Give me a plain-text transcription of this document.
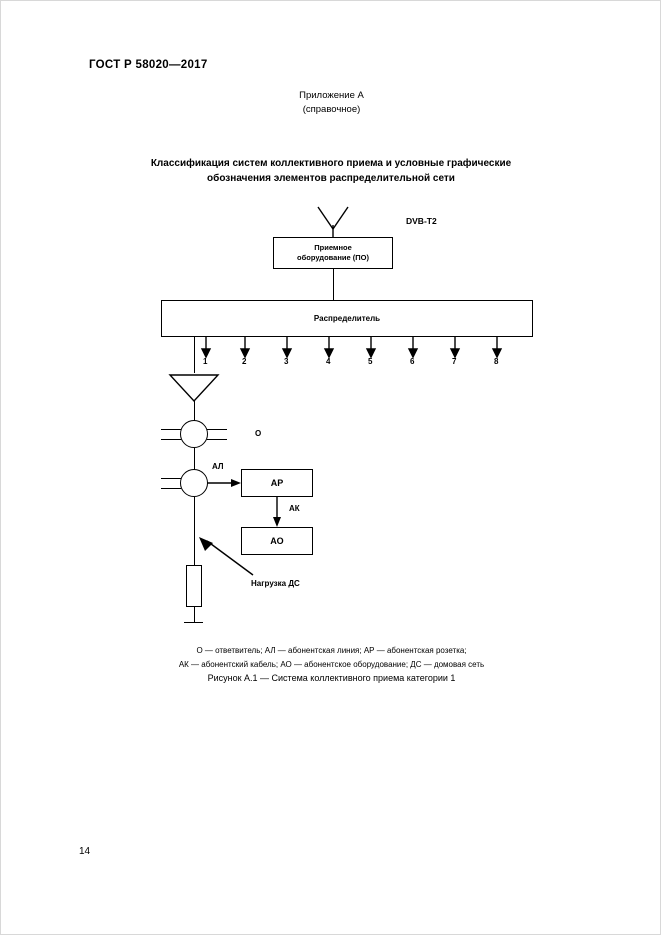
ГОСТ Р 58020—2017
Приложение А
(справочное)
Классификация систем коллективного приема и условные графические обозначения элементов распределительной сети
DVB-T2
Приемное
оборудование (ПО)
Распределитель
1	2	3	4	5	6	7	8
О
АЛ
АР
АК
АО
Нагрузка ДС
О — ответвитель; АЛ — абонентская линия; АР — абонентская розетка;
АК — абонентский кабель; АО — абонентское оборудование; ДС — домовая сеть
Рисунок А.1 — Система коллективного приема категории 1
14
